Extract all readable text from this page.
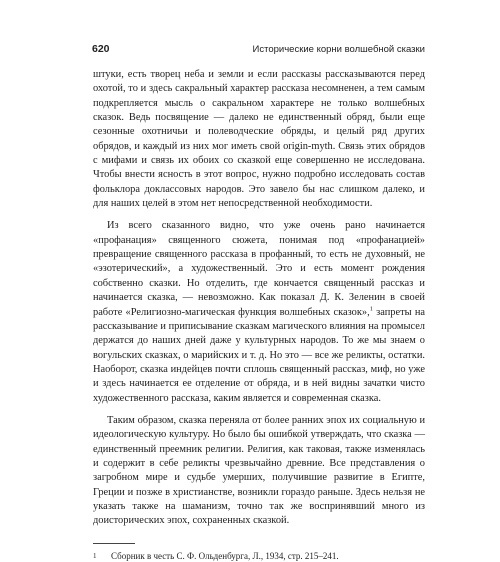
620	Исторические корни волшебной сказки

штуки, есть творец неба и земли и если рассказы рассказываются перед охотой, то и здесь сакральный характер рассказа несомненен, а тем самым подкрепляется мысль о сакральном характере не только волшебных сказок. Ведь посвящение — далеко не единственный обряд, были еще сезонные охотничьи и полеводческие обряды, и целый ряд других обрядов, и каждый из них мог иметь свой origin-myth. Связь этих обрядов с мифами и связь их обоих со сказкой еще совершенно не исследована. Чтобы внести ясность в этот вопрос, нужно подробно исследовать состав фольклора доклассовых народов. Это завело бы нас слишком далеко, и для наших целей в этом нет непосредственной необходимости.

Из всего сказанного видно, что уже очень рано начинается «профанация» священного сюжета, понимая под «профанацией» превращение священного рассказа в профанный, то есть не духовный, не «эзотерический», а художественный. Это и есть момент рождения собственно сказки. Но отделить, где кончается священный рассказ и начинается сказка, — невозможно. Как показал Д. К. Зеленин в своей работе «Религиозно-магическая функция волшебных сказок»,$^1$ запреты на рассказывание и приписывание сказкам магического влияния на промысел держатся до наших дней даже у культурных народов. То же мы знаем о вогульских сказках, о марийских и т. д. Но это — все же реликты, остатки. Наоборот, сказка индейцев почти сплошь священный рассказ, миф, но уже и здесь начинается ее отделение от обряда, и в ней видны зачатки чисто художественного рассказа, каким является и современная сказка.

Таким образом, сказка переняла от более ранних эпох их социальную и идеологическую культуру. Но было бы ошибкой утверждать, что сказка — единственный преемник религии. Религия, как таковая, также изменялась и содержит в себе реликты чрезвычайно древние. Все представления о загробном мире и судьбе умерших, получившие развитие в Египте, Греции и позже в христианстве, возникли гораздо раньше. Здесь нельзя не указать также на шаманизм, точно так же воспринявший много из доисторических эпох, сохраненных сказкой.

1	Сборник в честь С. Ф. Ольденбурга, Л., 1934, стр. 215–241.
